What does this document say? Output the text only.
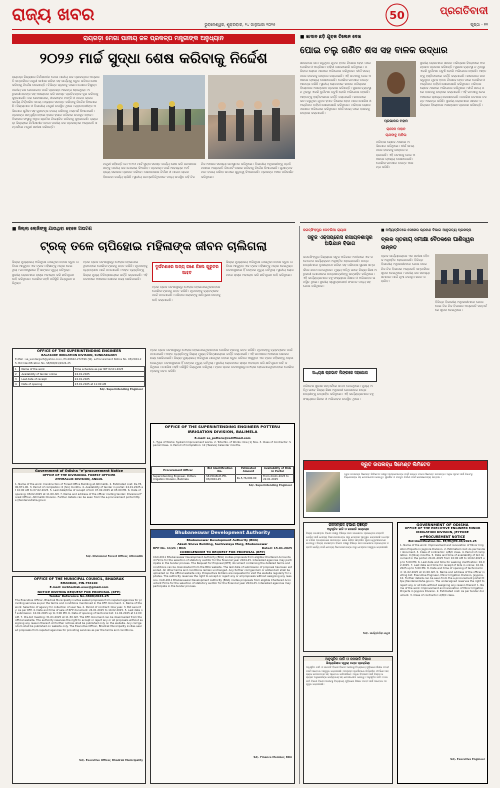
ରାଜ୍ୟ ଖବର	ଭୁବନେଶ୍ୱର, ଶୁକ୍ରବାର, ୨୪ ଜାନୁଆରୀ ୨୦୨୫
50	ପ୍ରଗତିବାଦୀ
ପୃଷ୍ଠା - ୧୨
ରାୟଗଡ଼ା ମେଗା ପାନୀୟ ଜଳ ପ୍ରକଳ୍ପ ମନ୍ତ୍ରୀଙ୍କ ଅନୁଧ୍ୟାନ
୨୦୨୬ ମାର୍ଚ୍ଚ ସୁଦ୍ଧା ଶେଷ କରିବାକୁ ନିର୍ଦ୍ଦେଶ
ରାୟଗଡ଼ା ଜିଲ୍ଲାରେ ନିର୍ମାଣାଧୀନ ମେଗା ପାନୀୟ ଜଳ ପ୍ରକଳ୍ପର ଅଗ୍ରଗତି ସମ୍ପର୍କରେ ମନ୍ତ୍ରୀ ସମୀକ୍ଷା କରିବା ସହ କାର୍ଯ୍ୟକୁ ଦ୍ରୁତ ଗତିରେ ଶେଷ କରିବାକୁ ନିର୍ଦ୍ଦେଶ ଦେଇଛନ୍ତି। ବିଭିନ୍ନ ଗ୍ରାମକୁ ପାଇପ ଯୋଗେ ବିଶୁଦ୍ଧ ପାନୀୟ ଜଳ ଯୋଗାଇବା ପାଇଁ ପ୍ରକଳ୍ପ ଆରମ୍ଭ ହୋଇଥିଲା। ଅଧିକାରୀମାନଙ୍କ ସହ ଆଲୋଚନା କରି ସମସ୍ତ ପ୍ରତିବନ୍ଧକ ଦୂର କରିବାକୁ କୁହାଯାଇଛି। ଜଳ ଶୋଧନାଗାର, ଓଭରହେଡ ଟାଙ୍କି ଓ ପାଇପ ଲାଇନ କାର୍ଯ୍ୟ ନିର୍ଦ୍ଧାରିତ ସମୟ ମଧ୍ୟରେ ସମାପ୍ତ କରିବାକୁ ନିର୍ଦ୍ଦେଶ ଦିଆଯାଇଛି। ଜିଲ୍ଲାପାଳ ଓ ବିଭାଗୀୟ ଯନ୍ତ୍ରୀ ଉପସ୍ଥିତ ଥିଲେ। ଗ୍ରାମବାସୀଙ୍କ ଅଭିଯୋଗ ଶୁଣିବା ସହ ଗୁଣବତ୍ତା ବଜାୟ ରଖିବାକୁ ପରାମର୍ଶ ଦିଆଯାଇଛି। ପ୍ରକଳ୍ପ ସମ୍ପୂର୍ଣ୍ଣ ହେଲେ ହଜାର ହଜାର ପରିବାର ଉପକୃତ ହେବେ। ଠିକାଦାର ସଂସ୍ଥାକୁ ଅଧିକ ଶ୍ରମିକ ନିୟୋଜିତ କରିବାକୁ କୁହାଯାଇଛି। ରାୟଗଡ଼ା ଜିଲ୍ଲାରେ ନିର୍ମାଣାଧୀନ ମେଗା ପାନୀୟ ଜଳ ପ୍ରକଳ୍ପର ଅଗ୍ରଗତି ସମ୍ପର୍କରେ ମନ୍ତ୍ରୀ ସମୀକ୍ଷା କରିଛନ୍ତି।
ମନ୍ତ୍ରୀ କହିଛନ୍ତି ଯେ ୨୦୨୬ ମାର୍ଚ୍ଚ ସୁଦ୍ଧା ସମସ୍ତ କାର୍ଯ୍ୟ ଶେଷ କରି ଜନସାଧାରଣଙ୍କୁ ପାନୀୟ ଜଳ ଯୋଗାଇ ଦିଆଯିବ। ପ୍ରକଳ୍ପ ପାଇଁ ଆବଶ୍ୟକ ଅର୍ଥ ରାଜ୍ୟ ସରକାର ପ୍ରଦାନ କରିବେ। ଶୋଧନାଗାର ନିର୍ମାଣ ଓ ପାଇପ ଲାଇନ ବିଛାଇବା କାର୍ଯ୍ୟ ଚାଲିଛି। ସ୍ଥାନୀୟ ଜନପ୍ରତିନିଧିମାନେ ମଧ୍ୟ ଉପସ୍ଥିତ ରହି ନିଜ ନିଜ ଅଞ୍ଚଳର ସମସ୍ୟା ଉପସ୍ଥାପନ କରିଥିଲେ। ବିଭାଗୀୟ ଅଧିକାରୀଙ୍କୁ ପ୍ରତି ମାସରେ ଅଗ୍ରଗତି ରିପୋର୍ଟ ଦାଖଲ କରିବାକୁ ନିର୍ଦ୍ଦେଶ ଦିଆଯାଇଛି। ଗୁଣାତ୍ମକ ମାନ ବଜାୟ ରଖିବା ଉପରେ ଗୁରୁତ୍ୱ ଦିଆଯାଇଛି। ପ୍ରକଳ୍ପ ଅଞ୍ଚଳ ପରିଦର୍ଶନ କରିଥିଲେ।
■ ଖାଦାନ ଛଡ଼ି ଯୁବକ ଚିଲେନ ଦେଖ
ପୋଇ ଚଲୁ ଗଣିତ ଶସ ସହ ବାଳକ ଉଦ୍ଧାର
ଖାଦାନରେ କାମ କରୁଥିବା ଯୁବକ ହଠାତ ନିଖୋଜ ହେବା ପରେ ପୋଲିସ ଓ ଅଗ୍ନିଶମ ବାହିନୀ ଖୋଜାଖୋଜି କରିଥିଲେ। ପରିବାର ଲୋକେ ଥାନାରେ ଅଭିଯୋଗ କରିଥିଲେ। ଦୀର୍ଘ ସମୟ ପରେ ବାଳକକୁ ଉଦ୍ଧାର କରାଯାଇଛି। ଏହି ଘଟଣାକୁ ନେଇ ଅଞ୍ଚଳରେ ଚାଞ୍ଚଲ୍ୟ ଦେଖାଦେଇଛି। ପୋଲିସ ଘଟଣାର ତଦନ୍ତ ଆରମ୍ଭ କରିଛି। ସ୍ଥାନୀୟ ଲୋକମାନେ ଖାଦାନ ପରିଚାଳନା ବିରୋଧରେ ଅସନ୍ତୋଷ ପ୍ରକାଶ କରିଛନ୍ତି। ସୁରକ୍ଷା ବ୍ୟବସ୍ଥା ନ ଥିବାରୁ ଏଭଳି ଦୁର୍ଘଟଣା ଘଟୁଛି ବୋଲି ଅଭିଯୋଗ ହେଉଛି। ଆହତଙ୍କୁ ହସ୍ପିଟାଲରେ ଭର୍ତ୍ତି କରାଯାଇଛି। ଖାଦାନରେ କାମ କରୁଥିବା ଯୁବକ ହଠାତ ନିଖୋଜ ହେବା ପରେ ପୋଲିସ ଓ ଅଗ୍ନିଶମ ବାହିନୀ ଖୋଜାଖୋଜି କରିଥିଲେ। ପରିବାର ଲୋକେ ଥାନାରେ ଅଭିଯୋଗ କରିଥିଲେ। ଦୀର୍ଘ ସମୟ ପରେ ବାଳକକୁ ଉଦ୍ଧାର କରାଯାଇଛି।
ପ୍ରଭାକର ମହାନ
ରାଜେନ ମହାନ
ଚାନ୍ଦବାବୁ ଅନିଲ
ପରିବାର ଲୋକେ ଥାନାରେ ଅଭିଯୋଗ କରିଥିଲେ। ଦୀର୍ଘ ସମୟ ପରେ ବାଳକକୁ ଉଦ୍ଧାର କରାଯାଇଛି। ଏହି ଘଟଣାକୁ ନେଇ ଅଞ୍ଚଳରେ ଚାଞ୍ଚଲ୍ୟ ଦେଖାଦେଇଛି। ପୋଲିସ ଘଟଣାର ତଦନ୍ତ ଆରମ୍ଭ କରିଛି।
ସ୍ଥାନୀୟ ଲୋକମାନେ ଖାଦାନ ପରିଚାଳନା ବିରୋଧରେ ଅସନ୍ତୋଷ ପ୍ରକାଶ କରିଛନ୍ତି। ସୁରକ୍ଷା ବ୍ୟବସ୍ଥା ନ ଥିବାରୁ ଏଭଳି ଦୁର୍ଘଟଣା ଘଟୁଛି ବୋଲି ଅଭିଯୋଗ ହେଉଛି। ଆହତଙ୍କୁ ହସ୍ପିଟାଲରେ ଭର୍ତ୍ତି କରାଯାଇଛି। ଖାଦାନରେ କାମ କରୁଥିବା ଯୁବକ ହଠାତ ନିଖୋଜ ହେବା ପରେ ପୋଲିସ ଓ ଅଗ୍ନିଶମ ବାହିନୀ ଖୋଜାଖୋଜି କରିଥିଲେ। ପରିବାର ଲୋକେ ଥାନାରେ ଅଭିଯୋଗ କରିଥିଲେ। ଦୀର୍ଘ ସମୟ ପରେ ବାଳକକୁ ଉଦ୍ଧାର କରାଯାଇଛି। ଏହି ଘଟଣାକୁ ନେଇ ଅଞ୍ଚଳରେ ଚାଞ୍ଚଲ୍ୟ ଦେଖାଦେଇଛି। ପୋଲିସ ଘଟଣାର ତଦନ୍ତ ଆରମ୍ଭ କରିଛି। ସ୍ଥାନୀୟ ଲୋକମାନେ ଖାଦାନ ପରିଚାଳନା ବିରୋଧରେ ଅସନ୍ତୋଷ ପ୍ରକାଶ କରିଛନ୍ତି।
■ ଜିଲ୍ଲା ଲୋଜିଙ୍କୁ ଯାଉଥିବା ବେଳେ ଅଘଟଣ
ଟ୍ରକ୍ ତଳେ ଚାପିହୋଇ ମହିଳାଙ୍କ ଜୀବନ ଚାଲିଗଲା
ଜିଲ୍ଲା ମୁଖ୍ୟାଳୟ ଅଭିମୁଖେ ଯାଉଥିବା ବେଳେ ଦ୍ରୁତ ଗତିରେ ଆସୁଥିବା ଏକ ଟ୍ରକ ମହିଳାଙ୍କୁ ଧକ୍କା ଦେଇଥିଲା। ଘଟଣାସ୍ଥଳରେ ହିଁ ତାଙ୍କର ମୃତ୍ୟୁ ଘଟିଥିଲା। ସ୍ଥାନୀୟ ଲୋକମାନେ ରାସ୍ତା ଅବରୋଧ କରି କ୍ଷତିପୂରଣ ଦାବି କରିଥିଲେ। ପୋଲିସ ପହଞ୍ଚି ପରିସ୍ଥିତି ନିୟନ୍ତ୍ରଣ କରିଥିଲା।
ଟ୍ରକ ଚାଳକ ଘଟଣାସ୍ଥଳରୁ ଫେରାର ହୋଇଯାଇଥିବାବେଳେ ପୋଲିସ ଟ୍ରକକୁ ଜବତ କରିଛି। ମୃତଦେହକୁ ବ୍ୟବଚ୍ଛେଦ ପାଇଁ ପଠାଯାଇଛି। ଆହତ ବ୍ୟକ୍ତିଙ୍କୁ ଜିଲ୍ଲା ମୁଖ୍ୟ ଚିକିତ୍ସାଳୟରେ ଭର୍ତ୍ତି କରାଯାଇଛି। ଏହି ଘଟଣାରେ ଅଞ୍ଚଳରେ ଶୋକର ଛାୟା ଖେଳିଯାଇଛି।
ଦୁର୍ଘଟଣାରେ ଅନ୍ୟ ଜଣେ କିଲେ ଗୁରୁତର ଆହତ
ଟ୍ରକ ଚାଳକ ଘଟଣାସ୍ଥଳରୁ ଫେରାର ହୋଇଯାଇଥିବାବେଳେ ପୋଲିସ ଟ୍ରକକୁ ଜବତ କରିଛି। ମୃତଦେହକୁ ବ୍ୟବଚ୍ଛେଦ ପାଇଁ ପଠାଯାଇଛି। ପରିବାର ଲୋକଙ୍କୁ କ୍ଷତିପୂରଣ ଦେବାକୁ ଦାବି କରାଯାଇଛି।
ଜିଲ୍ଲା ମୁଖ୍ୟାଳୟ ଅଭିମୁଖେ ଯାଉଥିବା ବେଳେ ଦ୍ରୁତ ଗତିରେ ଆସୁଥିବା ଏକ ଟ୍ରକ ମହିଳାଙ୍କୁ ଧକ୍କା ଦେଇଥିଲା। ଘଟଣାସ୍ଥଳରେ ହିଁ ତାଙ୍କର ମୃତ୍ୟୁ ଘଟିଥିଲା। ସ୍ଥାନୀୟ ଲୋକମାନେ ରାସ୍ତା ଅବରୋଧ କରି କ୍ଷତିପୂରଣ ଦାବି କରିଥିଲେ।
OFFICE OF THE SUPERINTENDING ENGINEER
BALASORE IRRIGATION DIVISION, SUNDARGARH
E-Mail : se_sundargarh@yahoo.co.in, Ph-06622-272396 (W). e-Procurement Notice No. 03/2024-25. Bid Identification No. SE/IRR/01/2024-25
1	Name of the work	Time schedule as per NIT 02.01.2025
2	Availability of tender online	24.01.2025
3	Last date of receipt	22.01.2025
4	Date of opening	23.01.2025 at 11:00 AM
Sd/- Superintending Engineer
Government of Odisha "e"procurement Notice
OFFICE OF THE DIVISIONAL FOREST OFFICER
ATHMALLIK DIVISION, ANGUL
1. Name of the work: Construction of Forest Office Building at Athmallik. 2. Estimated cost: Rs.78,90,871.00. 3. Period of completion: 6 (Six) months. 4. Availability of tender in portal: 24.01.2025 at 10:00 AM to 07.02.2025. 5. Last date/time of receipt of bid: 07.02.2025 at 05:00 PM. 6. Date of opening: 08.02.2025 at 11:00 AM. 7. Name and address of the officer inviting tender: Divisional Forest Officer, Athmallik Division. Further details can be seen from the e-procurement portal https://tendersodisha.gov.in
Sd/- Divisional Forest Officer, Athmallik
OFFICE OF THE MUNICIPAL COUNCIL, BHADRAK
BHADRAK, PIN-756100
E-mail: mcbhadrak.exec@gmail.com
NOTICE INVITING REQUEST FOR PROPOSAL (RFP)
Tender Reference No.4808/2024-25
The Executive Officer, Bhadrak Municipality invites sealed proposals from reputed agencies for providing services as per the terms and conditions mentioned in the RFP document. 1. Name of the work: Selection of agency for collection of user fee. 2. Period of contract: One year. 3. Bid security: As per RFP. 4. Date and time of sale of RFP document: 24.01.2025 to 10.02.2025. 5. Last date of submission: 10.02.2025 up to 3:00 PM. 6. Date of opening of technical bid: 11.02.2025 at 11:00 AM. 7. Pre-bid meeting: 31.01.2025 at 11:30 AM. The RFP document can be downloaded from the official website. The authority reserves the right to accept or reject any or all proposals without assigning any reason thereof. All further notices shall be published only on the website. Any corrigendum shall be published on website only. The Executive Officer, Bhadrak Municipality invites sealed proposals from reputed agencies for providing services as per the terms and conditions.
Sd/- Executive Officer, Bhadrak Municipality
ଟ୍ରକ ଚାଳକ ଘଟଣାସ୍ଥଳରୁ ଫେରାର ହୋଇଯାଇଥିବାବେଳେ ପୋଲିସ ଟ୍ରକକୁ ଜବତ କରିଛି। ମୃତଦେହକୁ ବ୍ୟବଚ୍ଛେଦ ପାଇଁ ପଠାଯାଇଛି। ଆହତ ବ୍ୟକ୍ତିଙ୍କୁ ଜିଲ୍ଲା ମୁଖ୍ୟ ଚିକିତ୍ସାଳୟରେ ଭର୍ତ୍ତି କରାଯାଇଛି। ଏହି ଘଟଣାରେ ଅଞ୍ଚଳରେ ଶୋକର ଛାୟା ଖେଳିଯାଇଛି। ଜିଲ୍ଲା ମୁଖ୍ୟାଳୟ ଅଭିମୁଖେ ଯାଉଥିବା ବେଳେ ଦ୍ରୁତ ଗତିରେ ଆସୁଥିବା ଏକ ଟ୍ରକ ମହିଳାଙ୍କୁ ଧକ୍କା ଦେଇଥିଲା। ଘଟଣାସ୍ଥଳରେ ହିଁ ତାଙ୍କର ମୃତ୍ୟୁ ଘଟିଥିଲା। ସ୍ଥାନୀୟ ଲୋକମାନେ ରାସ୍ତା ଅବରୋଧ କରି କ୍ଷତିପୂରଣ ଦାବି କରିଥିଲେ। ପୋଲିସ ପହଞ୍ଚି ପରିସ୍ଥିତି ନିୟନ୍ତ୍ରଣ କରିଥିଲା। ଟ୍ରକ ଚାଳକ ଘଟଣାସ୍ଥଳରୁ ଫେରାର ହୋଇଯାଇଥିବାବେଳେ ପୋଲିସ ଟ୍ରକକୁ ଜବତ କରିଛି।
OFFICE OF THE SUPERINTENDING ENGINEER POTTERU IRRIGATION DIVISION, BALIMELA
E-mail: se_potteru@rediffmail.com
1. Type of Works: System Improvement works. 2. Total No. of Works: One (1) Nos. 3. Class of Contractor: Special Class. 4. Period of Completion: 12 (Twelve) Calendar months.
Procurement Officer	Bid Identification No.	Estimated Amount	Availability of Bids in Portal
Superintending Engineer, Potteru Irrigation Division, Balimela	SE-PID-BLM-IFB-03/2024-25	Rs.5,76,000.00	From 24.01.2025 to 22.01.2025
Sd/- Superintending Engineer
Bhubaneswar Development Authority
Bhubaneswar Development Authority (BDA)
Akash Shova Building, Sachivalaya Marg, Bhubaneswar
RFP No. 11/21 / BDA	Dated: 15.01.2025
CORRIGENDUM TO REQUEST FOR PROPOSAL (RFP)
CAD-2011 Bhubaneswar Development Authority (BDA) invites proposals from eligible Chartered Accountant Firms for the selection of statutory auditor for the financial year 2024-25. Interested agencies may participate in the tender process. The Request for Proposal (RFP) document containing the detailed terms and conditions can be downloaded from the BDA website. The last date of submission of proposal has been extended. All other terms and conditions remain unchanged. Any further corrigendum or addendum shall be uploaded on the official website only. Prospective bidders are requested to visit the website regularly for updates. The authority reserves the right to accept or reject any or all proposals without assigning any reasons. CAD-2011 Bhubaneswar Development Authority (BDA) invites proposals from eligible Chartered Accountant Firms for the selection of statutory auditor for the financial year 2024-25. Interested agencies may participate in the tender process.
Sd/- Finance Member, BDA
ଜଗତ୍ସିଂହପୁର ଡେବରିଆ ରାୟାସ
ସବୁଜ ଏକ୍ସପ୍ରେସ ରସାୟନଶାସ୍ତ୍ର ଅଭିଯାନ ବିଭାଗ
ଜଗତସିଂହପୁର ଜିଲ୍ଲାରେ ସବୁଜ ଅଭିଯାନ ଅଧୀନରେ ଏକ ସଚେତନତା କାର୍ଯ୍ୟକ୍ରମ ଅନୁଷ୍ଠିତ ହୋଇଯାଇଛି। ଛାତ୍ରଛାତ୍ରୀମାନେ ବୃକ୍ଷରୋପଣ କରିବା ସହ ପରିବେଶ ସୁରକ୍ଷା ସମ୍ପର୍କରେ ଶପଥ ନେଇଥିଲେ। ମୁଖ୍ୟ ଅତିଥି ଭାବେ ଜିଲ୍ଲା ଶିକ୍ଷା ଅଧିକାରୀ ଯୋଗଦେଇ ଛାତ୍ରଛାତ୍ରୀଙ୍କୁ ଉତ୍ସାହିତ କରିଥିଲେ। ଏହି କାର୍ଯ୍ୟକ୍ରମରେ ବହୁ ସଂଖ୍ୟାରେ ଶିକ୍ଷକ ଓ ଅଭିଭାବକ ଉପସ୍ଥିତ ଥିଲେ। ସ୍ଥାନୀୟ ସ୍ୱେଚ୍ଛାସେବୀ ସଂଗଠନ ମଧ୍ୟ ସହଯୋଗ କରିଥିଲେ।
ଅଧ୍ୟକ୍ଷ ପ୍ରଭାତ ଲିଙ୍କରେ ସହଯୋଗ
ପରିବେଶ ସୁରକ୍ଷା ସମ୍ପର୍କରେ ଶପଥ ନେଇଥିଲେ। ମୁଖ୍ୟ ଅତିଥି ଭାବେ ଜିଲ୍ଲା ଶିକ୍ଷା ଅଧିକାରୀ ଯୋଗଦେଇ ଛାତ୍ରଛାତ୍ରୀଙ୍କୁ ଉତ୍ସାହିତ କରିଥିଲେ। ଏହି କାର୍ଯ୍ୟକ୍ରମରେ ବହୁ ସଂଖ୍ୟାରେ ଶିକ୍ଷକ ଓ ଅଭିଭାବକ ଉପସ୍ଥିତ ଥିଲେ।
■ ଅନ୍ୟିତ୍ରିତରେ ସେକେର ଭ୍ରମଣ ବିଭାଗ ଆନୁଗତ୍ୟ ପ୍ରକଳ୍ପ
ବ୍ଲକ ସ୍ତରୀୟ ସମୀକ୍ଷା ବୈଠକରେ ପାଣିସ୍ୱର ଉନ୍ନତ
ବ୍ଲକ କାର୍ଯ୍ୟାଳୟରେ ଏକ ସମୀକ୍ଷା ବୈଠକ ଅନୁଷ୍ଠିତ ହୋଇଯାଇଛି। ବିଭିନ୍ନ ବିଭାଗୀୟ ଅଧିକାରୀମାନେ ଯୋଗ ଦେଇ ନିଜ ନିଜ ବିଭାଗର ଅଗ୍ରଗତି ସମ୍ପର୍କରେ ସୂଚନା ଦେଇଥିଲେ। ପାନୀୟ ଜଳ ସମସ୍ୟା ସମାଧାନ ପାଇଁ ନୂଆ ନଳକୂପ ଖନନ କରାଯିବ।
ବିଭିନ୍ନ ବିଭାଗୀୟ ଅଧିକାରୀମାନେ ଯୋଗ ଦେଇ ନିଜ ନିଜ ବିଭାଗର ଅଗ୍ରଗତି ସମ୍ପର୍କରେ ସୂଚନା ଦେଇଥିଲେ।
ଦ୍ରୁତ ଉପଲବ୍ଧ ସିମେଣ୍ଟ ଲିମିଟେଡ
ଦ୍ରୁତ ଉପଲବ୍ଧ ସିମେଣ୍ଟ ଲିମିଟେଡ ପକ୍ଷରୁ ଗ୍ରାହକମାନଙ୍କ ପାଇଁ ଉନ୍ନତ ମାନର ସିମେଣ୍ଟ ଉପଲବ୍ଧ। ଅଧିକ ସୂଚନା ପାଇଁ ନିକଟସ୍ଥ ବିକ୍ରେତାଙ୍କ ସହ ଯୋଗାଯୋଗ କରନ୍ତୁ। ସୁରକ୍ଷିତ ଓ ମଜବୁତ ନିର୍ମାଣ ପାଇଁ ଭରସାଯୋଗ୍ୟ ଉତ୍ପାଦ।
ଜଳସମ୍ପଦ ବିଭାଗ ବିଜ୍ଞପ୍ତି
ଅନୁସୂଚିତ ଜାତି ଓ ଜନଜାତି ଉନ୍ନୟନ
ଜିଲ୍ଲା ଜଳସମ୍ପଦ ବିଭାଗ ପକ୍ଷରୁ ବିଭିନ୍ନ ଉଠା ଜଳସେଚନ ପ୍ରକଳ୍ପର ମରାମତି କାର୍ଯ୍ୟ ପାଇଁ ଯୋଗ୍ୟ ଠିକାଦାରମାନଙ୍କ ଠାରୁ ଟେଣ୍ଡର ଆହ୍ୱାନ କରାଯାଉଛି। ଟେଣ୍ଡର ଦଲିଲ ଅନଲାଇନରେ ଉପଲବ୍ଧ। ଶେଷ ତାରିଖ ସମ୍ପର୍କିତ ସୂଚନା ୱେବସାଇଟରେ ଦେଖନ୍ତୁ। ଜିଲ୍ଲା ଜଳସମ୍ପଦ ବିଭାଗ ପକ୍ଷରୁ ବିଭିନ୍ନ ଉଠା ଜଳସେଚନ ପ୍ରକଳ୍ପର ମରାମତି କାର୍ଯ୍ୟ ପାଇଁ ଯୋଗ୍ୟ ଠିକାଦାରମାନଙ୍କ ଠାରୁ ଟେଣ୍ଡର ଆହ୍ୱାନ କରାଯାଉଛି।
Sd/- କାର୍ଯ୍ୟନିର୍ବାହୀ ଯନ୍ତ୍ରୀ
ଅନୁସୂଚିତ ଜାତି ଓ ଜନଜାତି ବିକାଶ
ଶିଖ୍ୟାଶିକ୍ଷକ ଦ୍ୱାରା ଚୟନ ପ୍ରକ୍ରିୟା
ଅନୁସୂଚିତ ଜାତି ଓ ଜନଜାତି ବିକାଶ ବିଭାଗ ଅଧୀନସ୍ଥ ବିଦ୍ୟାଳୟ ଗୁଡ଼ିକରେ ଶିକ୍ଷକ ପଦବୀ ପାଇଁ ଆବେଦନ ଆହ୍ୱାନ କରାଯାଉଛି। ଆଗ୍ରହୀ ପ୍ରାର୍ଥୀମାନେ ନିର୍ଦ୍ଧାରିତ ଫର୍ମରେ ଆବଶ୍ୟକ କାଗଜପତ୍ର ସହ ଆବେଦନ କରିପାରିବେ। ଅଧିକ ବିବରଣୀ ପାଇଁ ଜିଲ୍ଲା କଲ୍ୟାଣ ଅଧିକାରୀଙ୍କ କାର୍ଯ୍ୟାଳୟ ସହ ଯୋଗାଯୋଗ କରନ୍ତୁ। ଅନୁସୂଚିତ ଜାତି ଓ ଜନଜାତି ବିକାଶ ବିଭାଗ ଅଧୀନସ୍ଥ ବିଦ୍ୟାଳୟ ଗୁଡ଼ିକରେ ଶିକ୍ଷକ ପଦବୀ ପାଇଁ ଆବେଦନ ଆହ୍ୱାନ କରାଯାଉଛି।
GOVERNMENT OF ODISHA
OFFICE OF THE EXECUTIVE ENGINEER MINOR IRRIGATION DIVISION, JEYPORE
e-PROCUREMENT NOTICE
Bid Identification No. EE/MI/JPR-06/2024-25
1. Name of the work: Improvement and renovation of Minor Irrigation Projects in Jeypore Division. 2. Estimated cost: As per tender document. 3. Class of contractor: A/B/C class. 4. Period of completion: 9 (Nine) months. 5. Date and time of availability of bid document in the portal: 24.01.2025 from 10:00 AM to 10.02.2025 up to 5:00 PM. 6. Last date and time for seeking clarification: 04.02.2025. 7. Last date and time for receipt of bids in online: 10.02.2025 up to 5:00 PM. 8. Date and time of opening of technical bid: 11.02.2025 at 11:00 AM. 9. Name and address of the officer inviting bid: Executive Engineer, Minor Irrigation Division, Jeypore. 10. Further details can be seen from the e-procurement portal https://tendersodisha.gov.in. The undersigned reserves the right to reject any or all bids without assigning any reason thereof. 1. Name of the work: Improvement and renovation of Minor Irrigation Projects in Jeypore Division. 2. Estimated cost: As per tender document. 3. Class of contractor: A/B/C class.
Sd/- Executive Engineer
